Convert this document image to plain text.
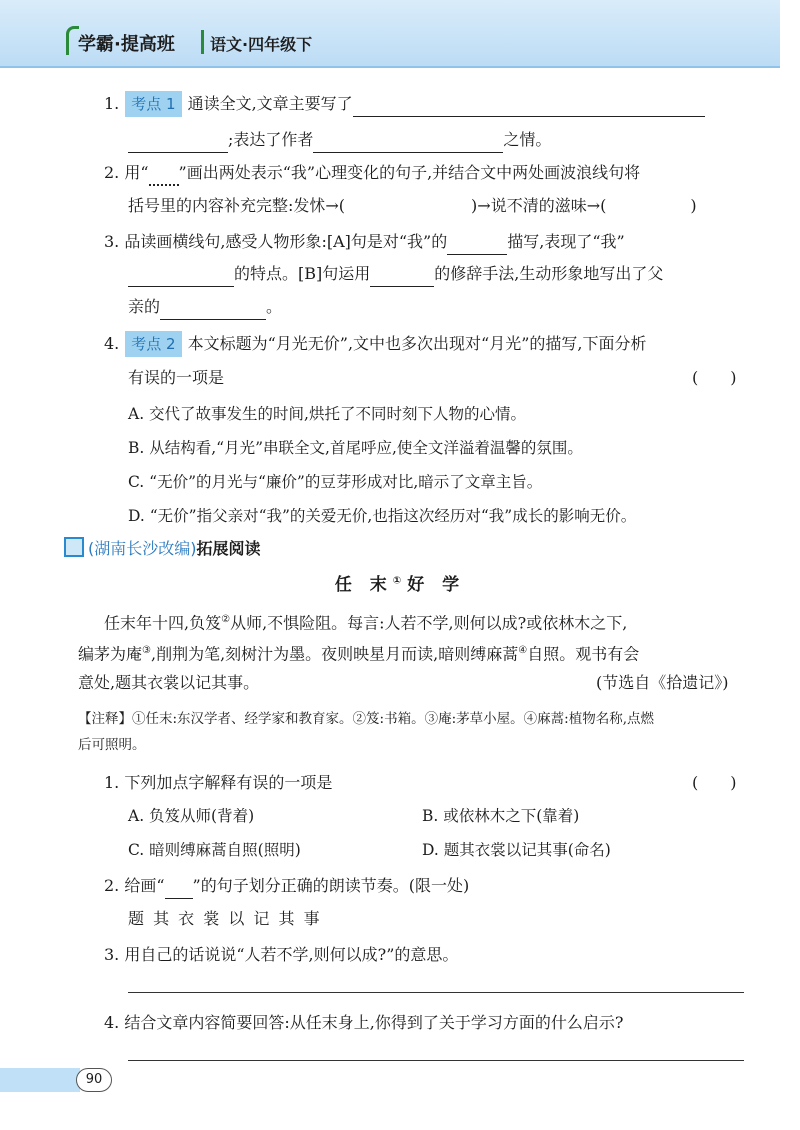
学霸·提高班 语文·四年级下
1. 考点 1 通读全文,文章主要写了
;表达了作者	之情。
2. 用“ ”画出两处表示“我”心理变化的句子,并结合文中两处画波浪线句将
括号里的内容补充完整:发怵→(	)→说不清的滋味→(	)
3. 品读画横线句,感受人物形象:[A]句是对“我”的	描写,表现了“我”
的特点。[B]句运用	的修辞手法,生动形象地写出了父
亲的	。
4. 考点 2 本文标题为“月光无价”,文中也多次出现对“月光”的描写,下面分析
有误的一项是	(　　)
A. 交代了故事发生的时间,烘托了不同时刻下人物的心情。
B. 从结构看,“月光”串联全文,首尾呼应,使全文洋溢着温馨的氛围。
C. “无价”的月光与“廉价”的豆芽形成对比,暗示了文章主旨。
D. “无价”指父亲对“我”的关爱无价,也指这次经历对“我”成长的影响无价。
(湖南长沙改编)拓展阅读
任 末①好 学
任末年十四,负笈②从师,不惧险阻。每言:人若不学,则何以成?或依林木之下,
编茅为庵③,削荆为笔,刻树汁为墨。夜则映星月而读,暗则缚麻蒿④自照。观书有会
意处,题其衣裳以记其事。	(节选自《拾遗记》)
【注释】①任末:东汉学者、经学家和教育家。②笈:书箱。③庵:茅草小屋。④麻蒿:植物名称,点燃
后可照明。
1. 下列加点字解释有误的一项是	(　　)
A. 负笈从师(背着)	B. 或依林木之下(靠着)
C. 暗则缚麻蒿自照(照明)	D. 题其衣裳以记其事(命名)
2. 给画“ ”的句子划分正确的朗读节奏。(限一处)
题 其 衣 裳 以 记 其 事
3. 用自己的话说说“人若不学,则何以成?”的意思。
4. 结合文章内容简要回答:从任末身上,你得到了关于学习方面的什么启示?
90
